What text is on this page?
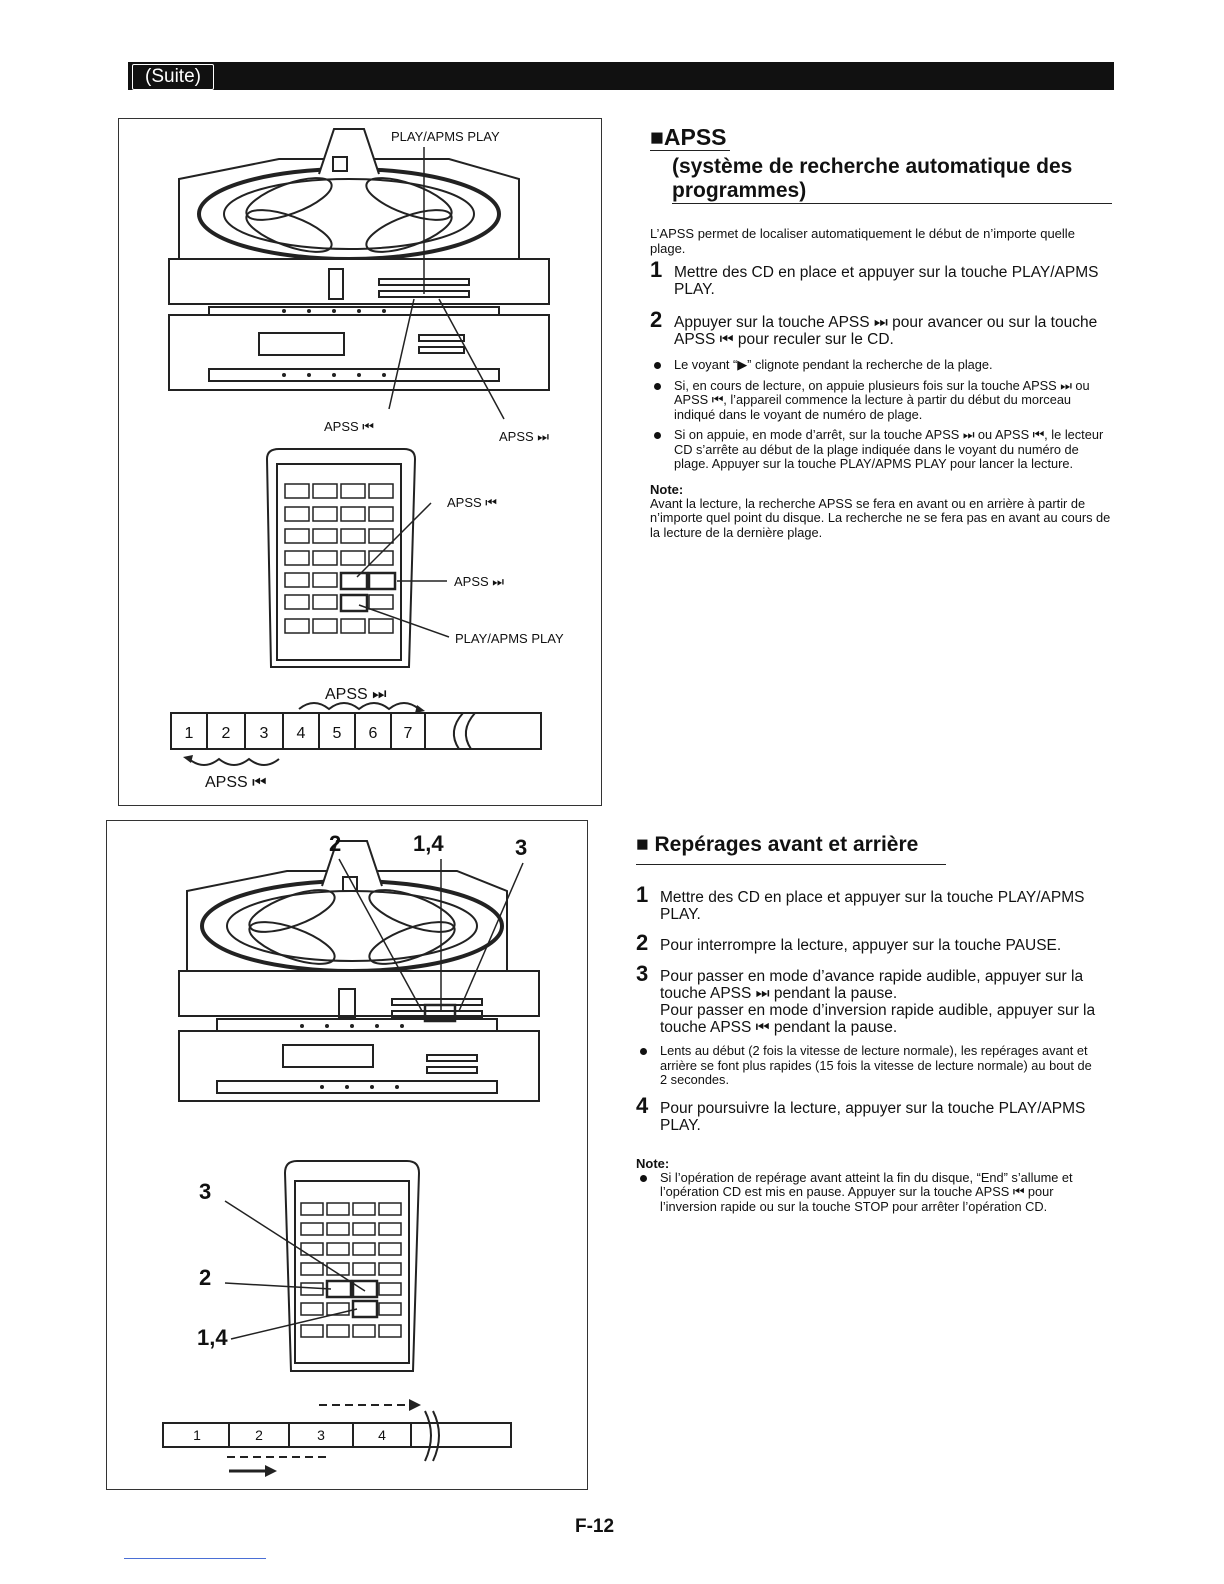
(Suite)
1 2 3 4 5 6 7
PLAY/APMS PLAY
APSS ⏮
APSS ⏭
APSS ⏮
APSS ⏭
PLAY/APMS PLAY
APSS ⏭
APSS ⏮
1	2	3	4
2	1,4	3
3
2
1,4

■APSS

(système de recherche automatique des

programmes)

L’APSS permet de localiser automatiquement le début de n’importe quelle plage.

1 Mettre des CD en place et appuyer sur la touche PLAY/APMS PLAY.
2 Appuyer sur la touche APSS ⏭ pour avancer ou sur la touche APSS ⏮ pour reculer sur le CD.

Le voyant “▶” clignote pendant la recherche de la plage.

Si, en cours de lecture, on appuie plusieurs fois sur la touche APSS ⏭ ou APSS ⏮, l’appareil commence la lecture à partir du début du morceau indiqué dans le voyant de numéro de plage.

Si on appuie, en mode d’arrêt, sur la touche APSS ⏭ ou APSS ⏮, le lecteur CD s’arrête au début de la plage indiquée dans le voyant du numéro de plage. Appuyer sur la touche PLAY/APMS PLAY pour lancer la lecture.

Note:

Avant la lecture, la recherche APSS se fera en avant ou en arrière à partir de n’importe quel point du disque. La recherche ne se fera pas en avant au cours de la lecture de la dernière plage.

■ Repérages avant et arrière

1 Mettre des CD en place et appuyer sur la touche PLAY/APMS PLAY.
2 Pour interrompre la lecture, appuyer sur la touche PAUSE.
3 Pour passer en mode d’avance rapide audible, appuyer sur la touche APSS ⏭ pendant la pause.
Pour passer en mode d’inversion rapide audible, appuyer sur la touche APSS ⏮ pendant la pause.

Lents au début (2 fois la vitesse de lecture normale), les repérages avant et arrière se font plus rapides (15 fois la vitesse de lecture normale) au bout de 2 secondes.

4 Pour poursuivre la lecture, appuyer sur la touche PLAY/APMS PLAY.

Note:

Si l’opération de repérage avant atteint la fin du disque, “End” s’allume et l’opération CD est mis en pause. Appuyer sur la touche APSS ⏮ pour l’inversion rapide ou sur la touche STOP pour arrêter l’opération CD.

F-12
